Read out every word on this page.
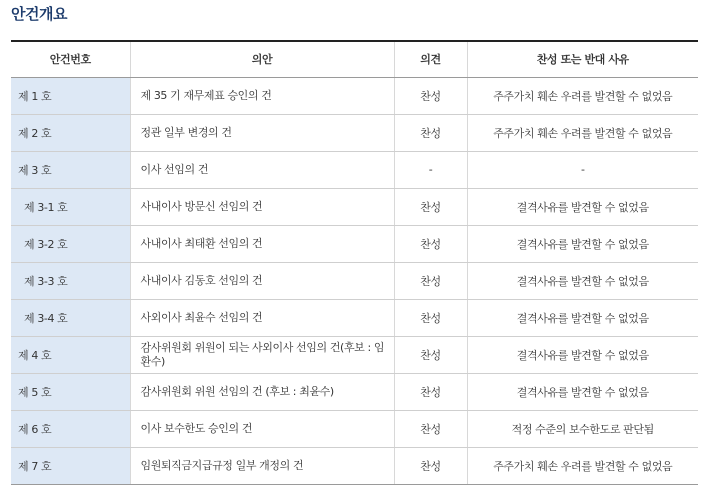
안건개요
안건번호	의안	의견	찬성 또는 반대 사유
제 1 호	제 35 기 재무제표 승인의 건	찬성	주주가치 훼손 우려를 발견할 수 없었음
제 2 호	정관 일부 변경의 건	찬성	주주가치 훼손 우려를 발견할 수 없었음
제 3 호	이사 선임의 건	-	-
제 3-1 호	사내이사 방문신 선임의 건	찬성	결격사유를 발견할 수 없었음
제 3-2 호	사내이사 최태환 선임의 건	찬성	결격사유를 발견할 수 없었음
제 3-3 호	사내이사 김동호 선임의 건	찬성	결격사유를 발견할 수 없었음
제 3-4 호	사외이사 최윤수 선임의 건	찬성	결격사유를 발견할 수 없었음
제 4 호	감사위원회 위원이 되는 사외이사 선임의 건(후보 : 임환수)	찬성	결격사유를 발견할 수 없었음
제 5 호	감사위원회 위원 선임의 건 (후보 : 최윤수)	찬성	결격사유를 발견할 수 없었음
제 6 호	이사 보수한도 승인의 건	찬성	적정 수준의 보수한도로 판단됨
제 7 호	임원퇴직금지급규정 일부 개정의 건	찬성	주주가치 훼손 우려를 발견할 수 없었음
